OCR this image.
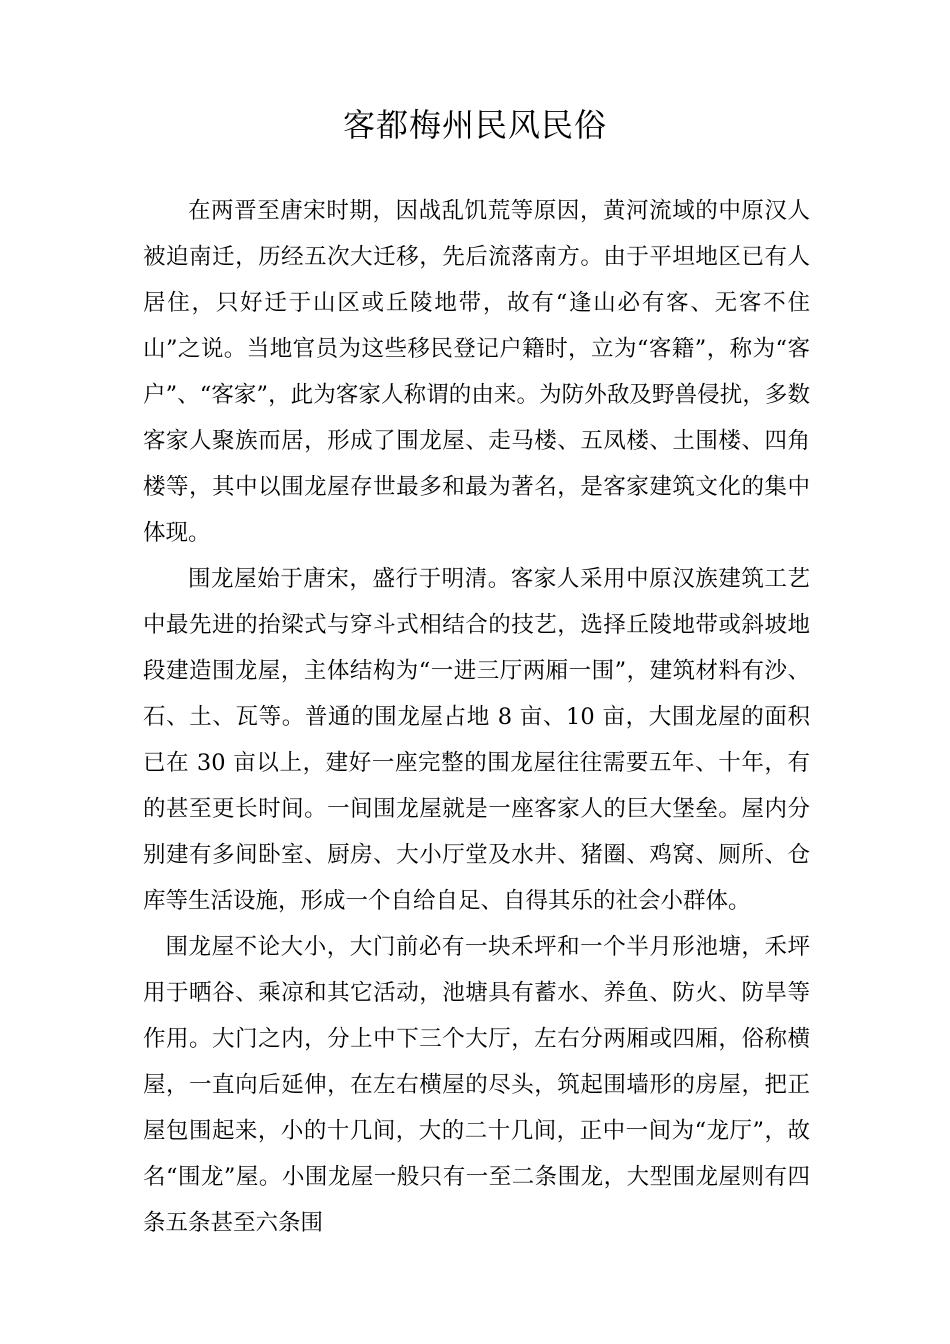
客都梅州民风民俗

在两晋至唐宋时期，因战乱饥荒等原因，黄河流域的中原汉人被迫南迁，历经五次大迁移，先后流落南方。由于平坦地区已有人居住，只好迁于山区或丘陵地带，故有“逢山必有客、无客不住山”之说。当地官员为这些移民登记户籍时，立为“客籍”，称为“客户”、“客家”，此为客家人称谓的由来。为防外敌及野兽侵扰，多数客家人聚族而居，形成了围龙屋、走马楼、五凤楼、土围楼、四角楼等，其中以围龙屋存世最多和最为著名，是客家建筑文化的集中体现。

围龙屋始于唐宋，盛行于明清。客家人采用中原汉族建筑工艺中最先进的抬梁式与穿斗式相结合的技艺，选择丘陵地带或斜坡地段建造围龙屋，主体结构为“一进三厅两厢一围”，建筑材料有沙、石、土、瓦等。普通的围龙屋占地 8 亩、10 亩，大围龙屋的面积已在 30 亩以上，建好一座完整的围龙屋往往需要五年、十年，有的甚至更长时间。一间围龙屋就是一座客家人的巨大堡垒。屋内分别建有多间卧室、厨房、大小厅堂及水井、猪圈、鸡窝、厕所、仓库等生活设施，形成一个自给自足、自得其乐的社会小群体。

围龙屋不论大小，大门前必有一块禾坪和一个半月形池塘，禾坪用于晒谷、乘凉和其它活动，池塘具有蓄水、养鱼、防火、防旱等作用。大门之内，分上中下三个大厅，左右分两厢或四厢，俗称横屋，一直向后延伸，在左右横屋的尽头，筑起围墙形的房屋，把正屋包围起来，小的十几间，大的二十几间，正中一间为“龙厅”，故名“围龙”屋。小围龙屋一般只有一至二条围龙，大型围龙屋则有四条五条甚至六条围
